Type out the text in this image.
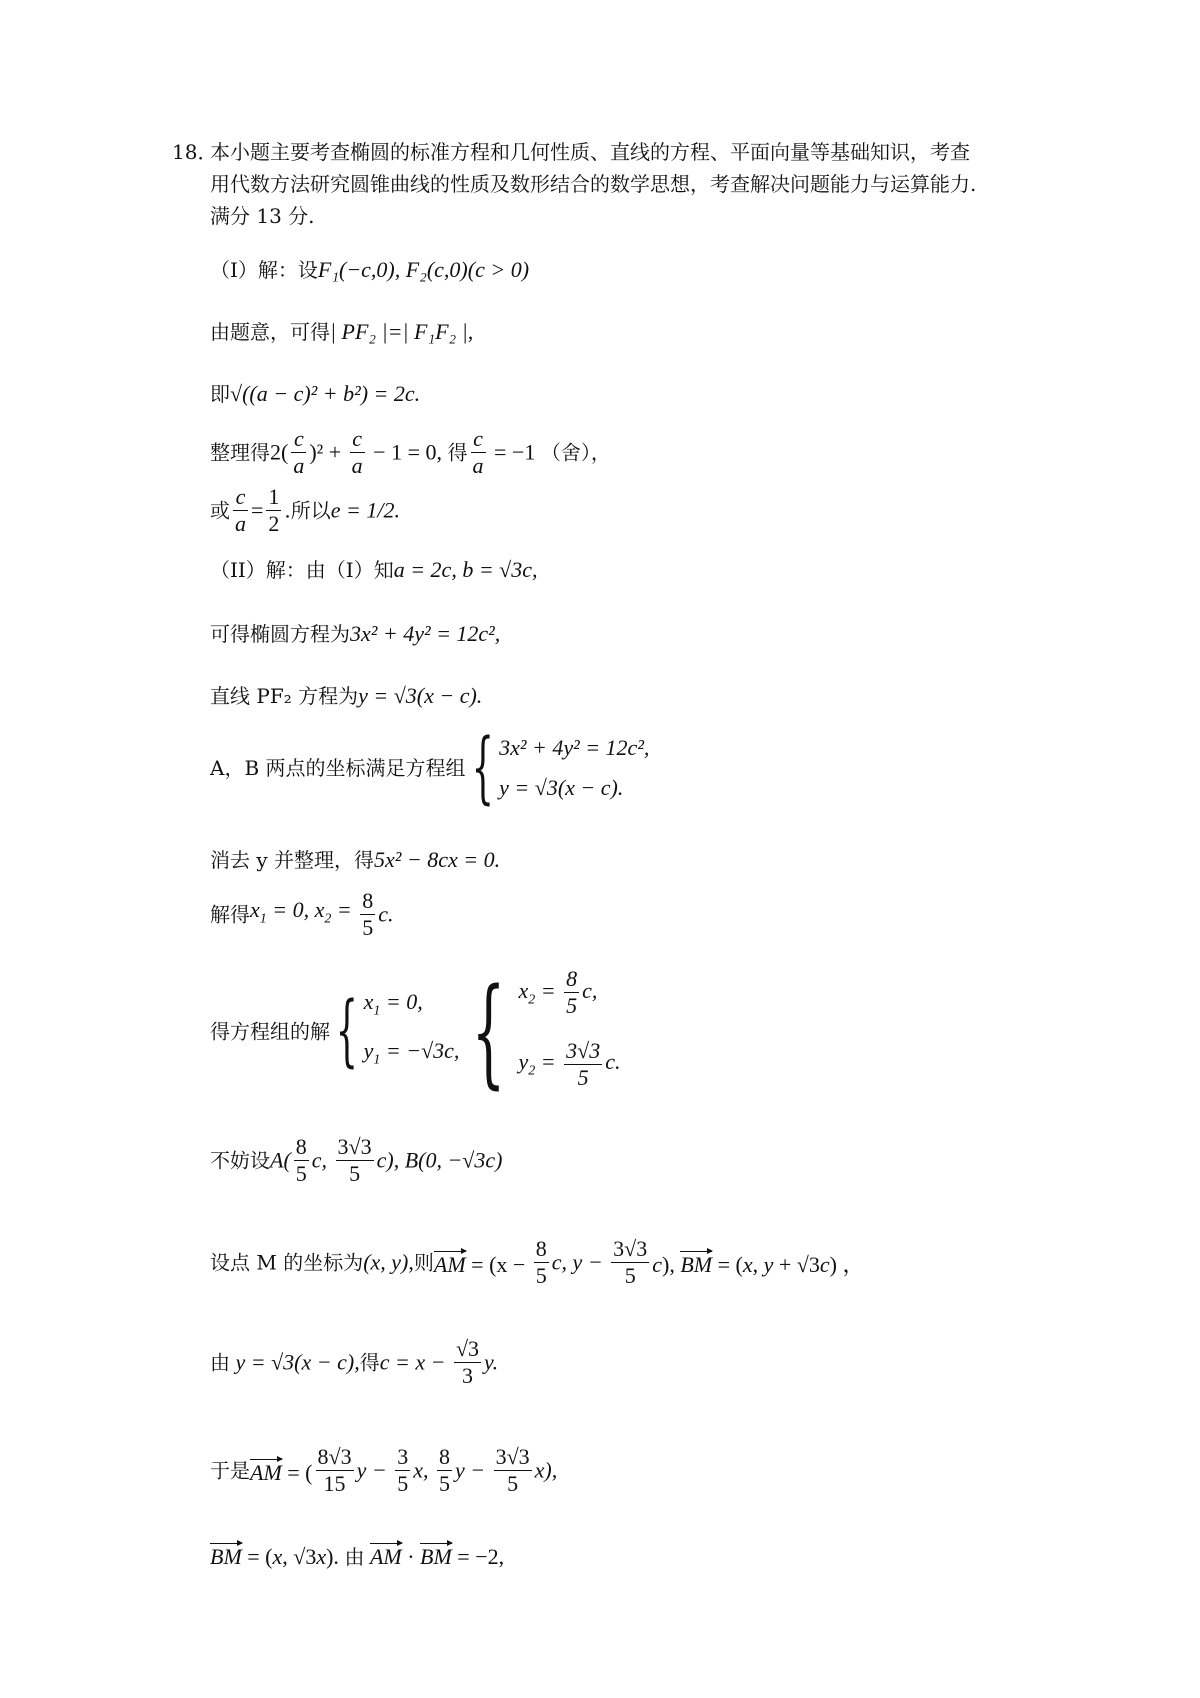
18．
本小题主要考查椭圆的标准方程和几何性质、直线的方程、平面向量等基础知识，考查
用代数方法研究圆锥曲线的性质及数形结合的数学思想，考查解决问题能力与运算能力.
满分 13 分.
（I）解：设F₁(−c,0), F₂(c,0)(c > 0)
由题意，可得| PF₂ |=| F₁F₂ |,
即√((a − c)² + b²) = 2c.
整理得$2( \frac{c}{a} )^2 + \frac{c}{a} - 1 = 0$, 得 $\frac{c}{a} = -1$ （舍），
或 $\frac{c}{a} = \frac{1}{2}$ .所以e = 1/2.
（II）解：由（I）知a = 2c, b = √3c,
可得椭圆方程为3x² + 4y² = 12c²,
直线 PF₂ 方程为y = √3(x − c).
A，B 两点的坐标满足方程组{ 3x² + 4y² = 12c²,
y = √3(x − c).
消去 y 并整理，得5x² − 8cx = 0.
解得$x_1 = 0$, $x_2 = \frac{8}{5} c$.
得方程组的解{ $x_1 = 0$,
$y_1 = -√3c$, { $x_2 = \frac{8}{5} c$,
$y_2 = \frac{3√3}{5} c$.
不妨设$A( \frac{8}{5} c$, $\frac{3√3}{5} c$), B(0, −√3c)
设点 M 的坐标为(x, y),则AM = ($x - \frac{8}{5} c$, $y - \frac{3√3}{5} c$), BM = (x, y + √3c) ，
由 y = √3(x − c),得$c = x - \frac{√3}{3} y$.
于是AM = ( $\frac{8√3}{15}$ $y - \frac{3}{5} x$, $\frac{8}{5}$ $y - \frac{3√3}{5} x$),
BM = (x, √3x). 由 AM · BM = −2,
